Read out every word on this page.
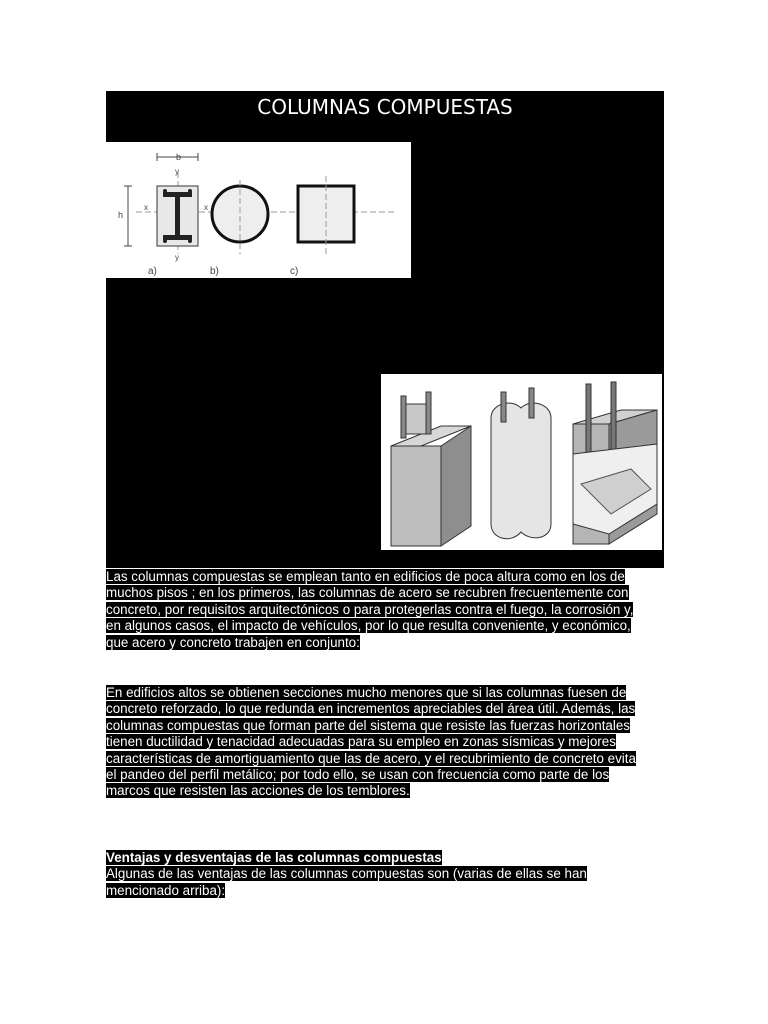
COLUMNAS COMPUESTAS
b
h
x	x
y
y
a)	b)	c)
En la figura se muestran los dos tipos de columnas compuestas que se utilizan en edificios. La columna de a) es un perfil de acero ahogado en concreto, y las de las b) y c) son tubos de acero, de sección transversal circular o rectangular, rellenos de concreto.
Las columnas compuestas se emplean tanto en edificios de poca altura como en los de
muchos pisos ; en los primeros, las columnas de acero se recubren frecuentemente con
concreto, por requisitos arquitectónicos o para protegerlas contra el fuego, la corrosión y,
en algunos casos, el impacto de vehículos, por lo que resulta conveniente, y económico,
que acero y concreto trabajen en conjunto:
En edificios altos se obtienen secciones mucho menores que si las columnas fuesen de
concreto reforzado, lo que redunda en incrementos apreciables del área útil. Además, las
columnas compuestas que forman parte del sistema que resiste las fuerzas horizontales
tienen ductilidad y tenacidad adecuadas para su empleo en zonas sísmicas y mejores
características de amortiguamiento que las de acero, y el recubrimiento de concreto evita
el pandeo del perfil metálico; por todo ello, se usan con frecuencia como parte de los
marcos que resisten las acciones de los temblores.
Ventajas y desventajas de las columnas compuestas
Algunas de las ventajas de las columnas compuestas son (varias de ellas se han
mencionado arriba):
